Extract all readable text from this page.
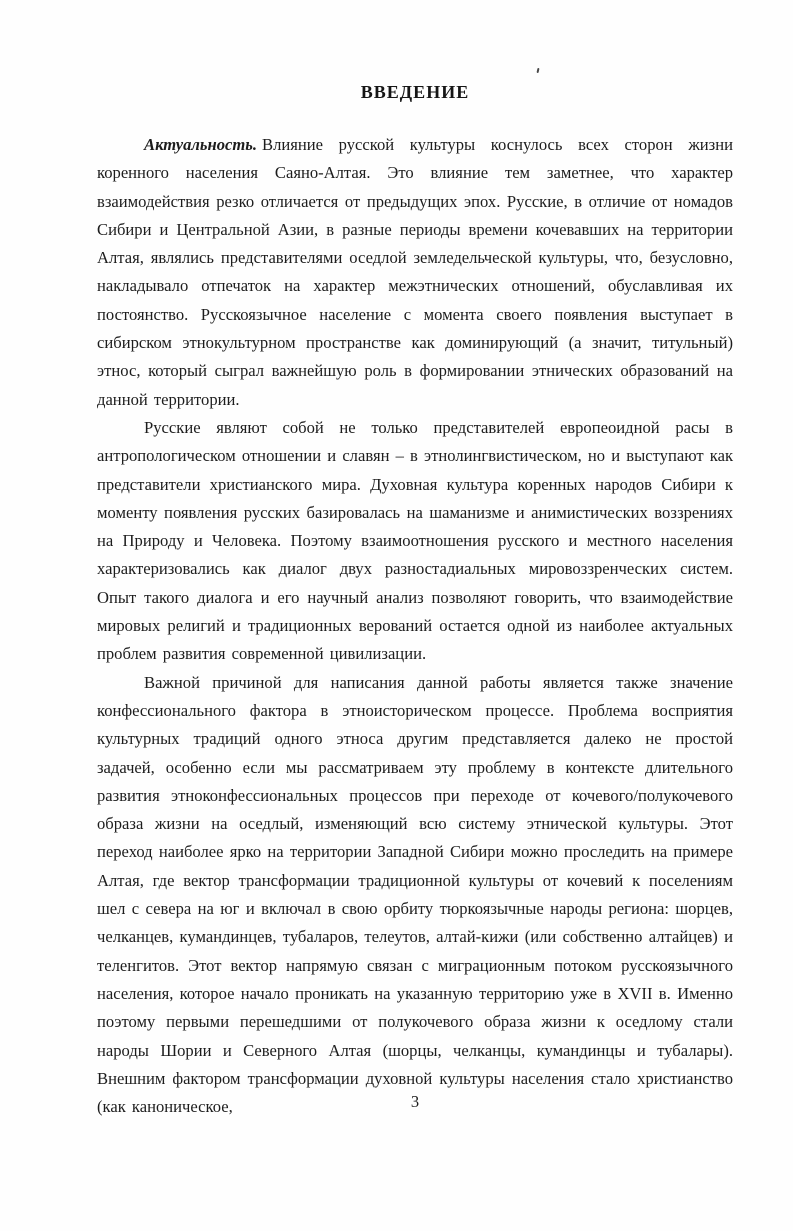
ВВЕДЕНИЕ

Актуальность. Влияние русской культуры коснулось всех сторон жизни коренного населения Саяно-Алтая. Это влияние тем заметнее, что характер взаимодействия резко отличается от предыдущих эпох. Русские, в отличие от номадов Сибири и Центральной Азии, в разные периоды времени кочевавших на территории Алтая, являлись представителями оседлой земледельческой культуры, что, безусловно, накладывало отпечаток на характер межэтнических отношений, обуславливая их постоянство. Русскоязычное население с момента своего появления выступает в сибирском этнокультурном пространстве как доминирующий (а значит, титульный) этнос, который сыграл важнейшую роль в формировании этнических образований на данной территории.

Русские являют собой не только представителей европеоидной расы в антропологическом отношении и славян – в этнолингвистическом, но и выступают как представители христианского мира. Духовная культура коренных народов Сибири к моменту появления русских базировалась на шаманизме и анимистических воззрениях на Природу и Человека. Поэтому взаимоотношения русского и местного населения характеризовались как диалог двух разностадиальных мировоззренческих систем. Опыт такого диалога и его научный анализ позволяют говорить, что взаимодействие мировых религий и традиционных верований остается одной из наиболее актуальных проблем развития современной цивилизации.

Важной причиной для написания данной работы является также значение конфессионального фактора в этноисторическом процессе. Проблема восприятия культурных традиций одного этноса другим представляется далеко не простой задачей, особенно если мы рассматриваем эту проблему в контексте длительного развития этноконфессиональных процессов при переходе от кочевого/полукочевого образа жизни на оседлый, изменяющий всю систему этнической культуры. Этот переход наиболее ярко на территории Западной Сибири можно проследить на примере Алтая, где вектор трансформации традиционной культуры от кочевий к поселениям шел с севера на юг и включал в свою орбиту тюркоязычные народы региона: шорцев, челканцев, кумандинцев, тубаларов, телеутов, алтай-кижи (или собственно алтайцев) и теленгитов. Этот вектор напрямую связан с миграционным потоком русскоязычного населения, которое начало проникать на указанную территорию уже в XVII в. Именно поэтому первыми перешедшими от полукочевого образа жизни к оседлому стали народы Шории и Северного Алтая (шорцы, челканцы, кумандинцы и тубалары). Внешним фактором трансформации духовной культуры населения стало христианство (как каноническое,	3
